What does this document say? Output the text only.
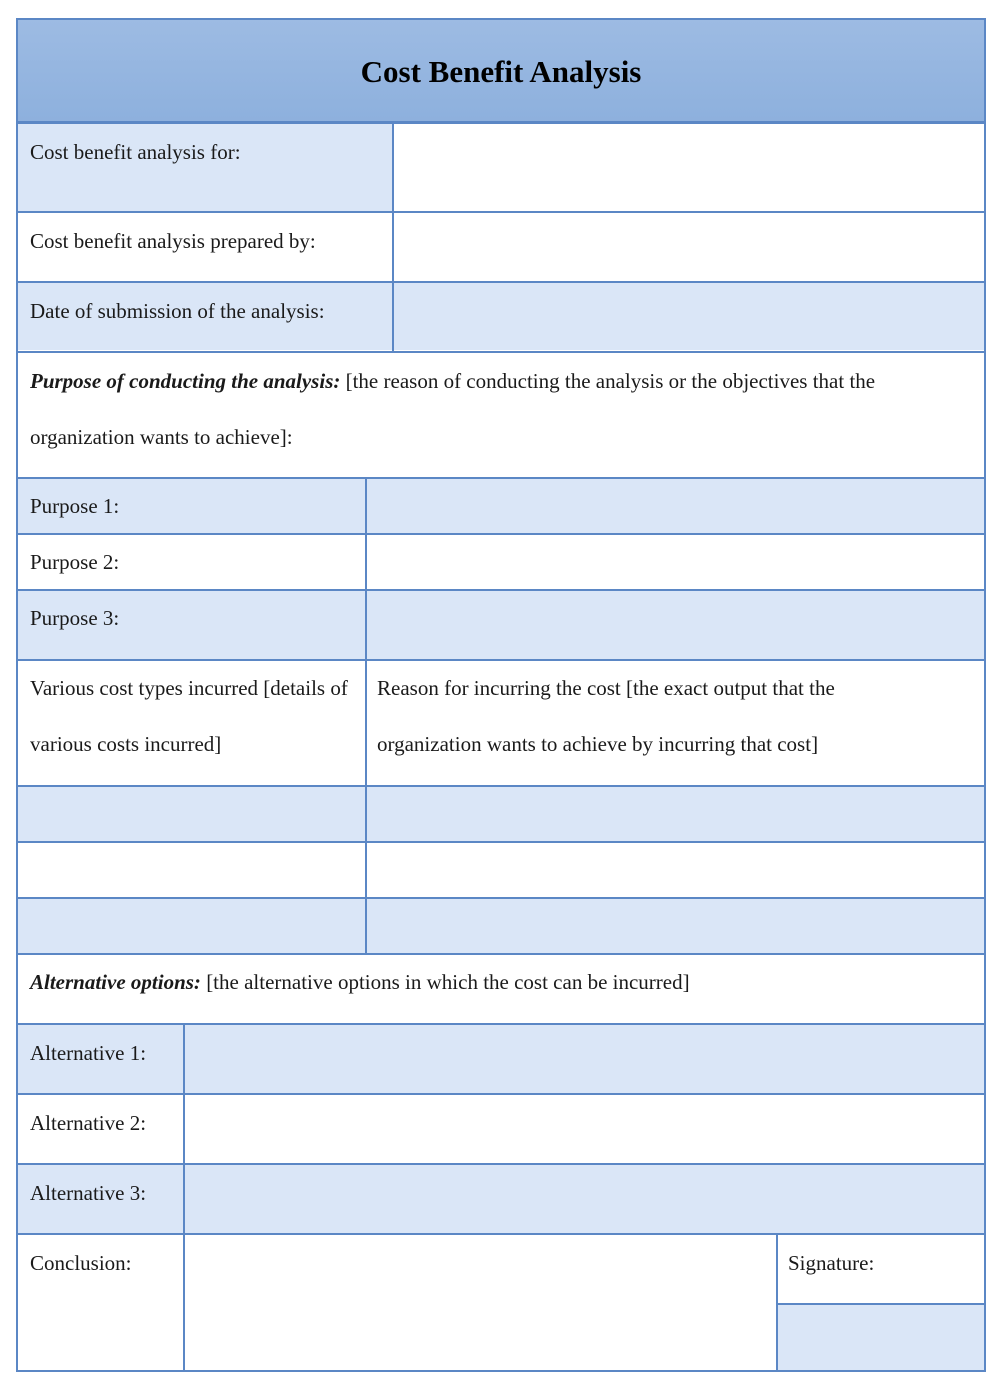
Cost Benefit Analysis
Cost benefit analysis for:
Cost benefit analysis prepared by:
Date of submission of the analysis:
Purpose of conducting the analysis: [the reason of conducting the analysis or the objectives that the organization wants to achieve]:
Purpose 1:
Purpose 2:
Purpose 3:
Various cost types incurred [details of various costs incurred]
Reason for incurring the cost [the exact output that the organization wants to achieve by incurring that cost]
Alternative options: [the alternative options in which the cost can be incurred]
Alternative 1:
Alternative 2:
Alternative 3:
Conclusion:	Signature:
